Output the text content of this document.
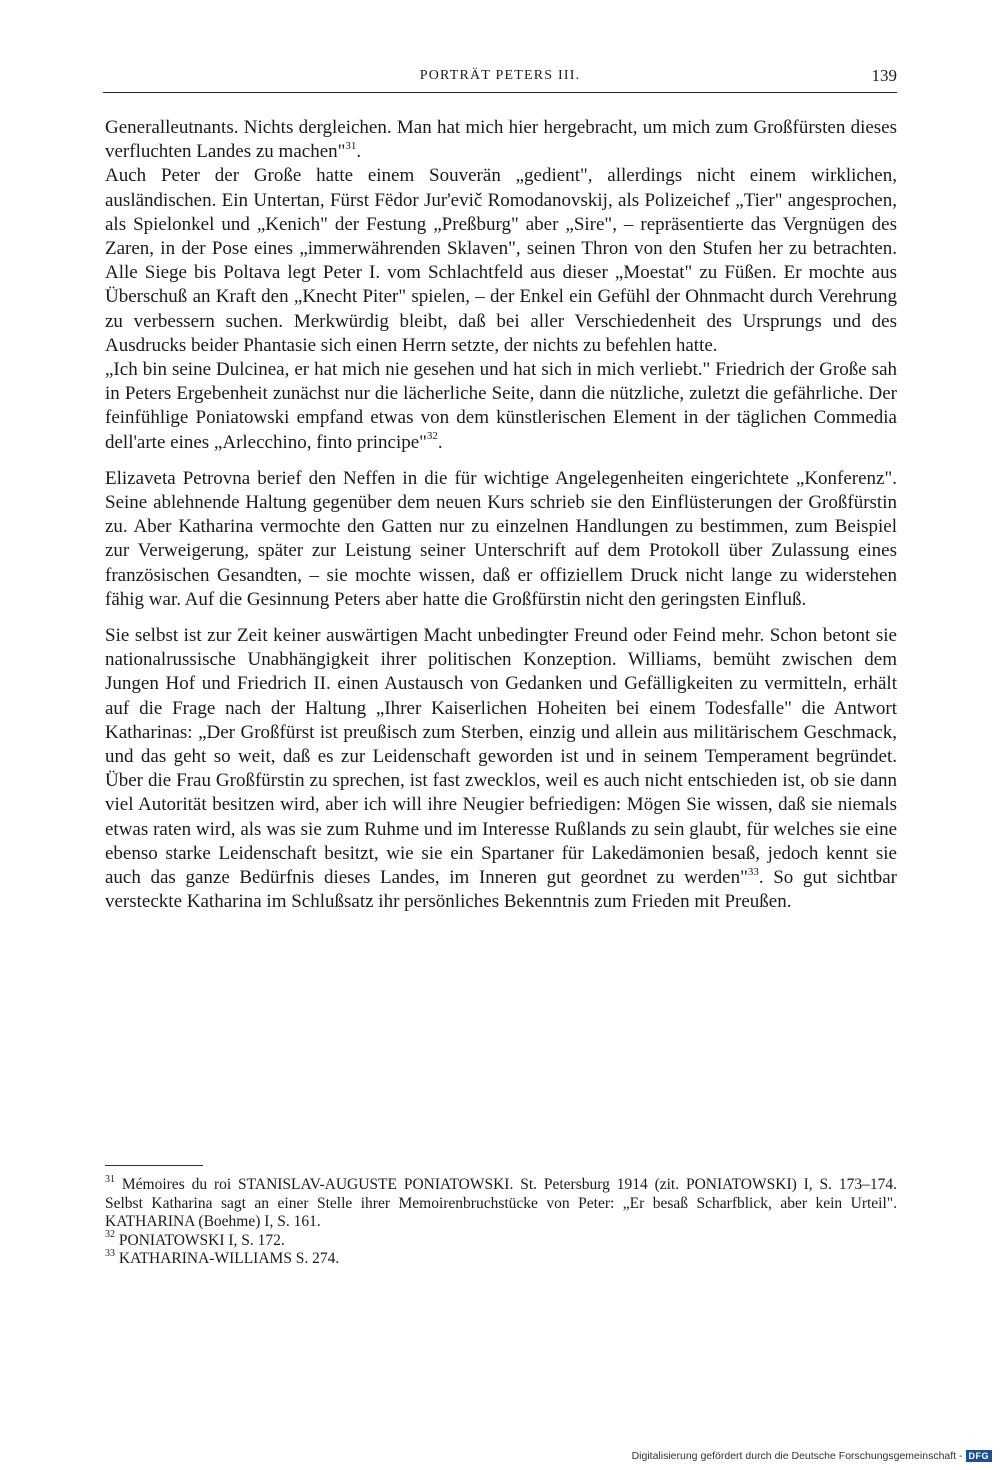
PORTRÄT PETERS III.	139

Generalleutnants. Nichts dergleichen. Man hat mich hier hergebracht, um mich zum Großfürsten dieses verfluchten Landes zu machen"$^{31}$.

Auch Peter der Große hatte einem Souverän „gedient", allerdings nicht einem wirklichen, ausländischen. Ein Untertan, Fürst Fëdor Jur'evič Romodanovskij, als Polizeichef „Tier" angesprochen, als Spielonkel und „Kenich" der Festung „Preßburg" aber „Sire", – repräsentierte das Vergnügen des Zaren, in der Pose eines „immerwährenden Sklaven", seinen Thron von den Stufen her zu betrachten. Alle Siege bis Poltava legt Peter I. vom Schlachtfeld aus dieser „Moestat" zu Füßen. Er mochte aus Überschuß an Kraft den „Knecht Piter" spielen, – der Enkel ein Gefühl der Ohnmacht durch Verehrung zu verbessern suchen. Merkwürdig bleibt, daß bei aller Verschiedenheit des Ursprungs und des Ausdrucks beider Phantasie sich einen Herrn setzte, der nichts zu befehlen hatte.

„Ich bin seine Dulcinea, er hat mich nie gesehen und hat sich in mich verliebt." Friedrich der Große sah in Peters Ergebenheit zunächst nur die lächerliche Seite, dann die nützliche, zuletzt die gefährliche. Der feinfühlige Poniatowski empfand etwas von dem künstlerischen Element in der täglichen Commedia dell'arte eines „Arlecchino, finto principe"$^{32}$.

Elizaveta Petrovna berief den Neffen in die für wichtige Angelegenheiten eingerichtete „Konferenz". Seine ablehnende Haltung gegenüber dem neuen Kurs schrieb sie den Einflüsterungen der Großfürstin zu. Aber Katharina vermochte den Gatten nur zu einzelnen Handlungen zu bestimmen, zum Beispiel zur Verweigerung, später zur Leistung seiner Unterschrift auf dem Protokoll über Zulassung eines französischen Gesandten, – sie mochte wissen, daß er offiziellem Druck nicht lange zu widerstehen fähig war. Auf die Gesinnung Peters aber hatte die Großfürstin nicht den geringsten Einfluß.

Sie selbst ist zur Zeit keiner auswärtigen Macht unbedingter Freund oder Feind mehr. Schon betont sie nationalrussische Unabhängigkeit ihrer politischen Konzeption. Williams, bemüht zwischen dem Jungen Hof und Friedrich II. einen Austausch von Gedanken und Gefälligkeiten zu vermitteln, erhält auf die Frage nach der Haltung „Ihrer Kaiserlichen Hoheiten bei einem Todesfalle" die Antwort Katharinas: „Der Großfürst ist preußisch zum Sterben, einzig und allein aus militärischem Geschmack, und das geht so weit, daß es zur Leidenschaft geworden ist und in seinem Temperament begründet. Über die Frau Großfürstin zu sprechen, ist fast zwecklos, weil es auch nicht entschieden ist, ob sie dann viel Autorität besitzen wird, aber ich will ihre Neugier befriedigen: Mögen Sie wissen, daß sie niemals etwas raten wird, als was sie zum Ruhme und im Interesse Rußlands zu sein glaubt, für welches sie eine ebenso starke Leidenschaft besitzt, wie sie ein Spartaner für Lakedämonien besaß, jedoch kennt sie auch das ganze Bedürfnis dieses Landes, im Inneren gut geordnet zu werden"$^{33}$. So gut sichtbar versteckte Katharina im Schlußsatz ihr persönliches Bekenntnis zum Frieden mit Preußen.

$^{31}$ Mémoires du roi STANISLAV-AUGUSTE PONIATOWSKI. St. Petersburg 1914 (zit. PONIATOWSKI) I, S. 173–174. Selbst Katharina sagt an einer Stelle ihrer Memoirenbruchstücke von Peter: „Er besaß Scharfblick, aber kein Urteil". KATHARINA (Boehme) I, S. 161.

$^{32}$ PONIATOWSKI I, S. 172.

$^{33}$ KATHARINA-WILLIAMS S. 274.

Digitalisierung gefördert durch die Deutsche Forschungsgemeinschaft - DFG
